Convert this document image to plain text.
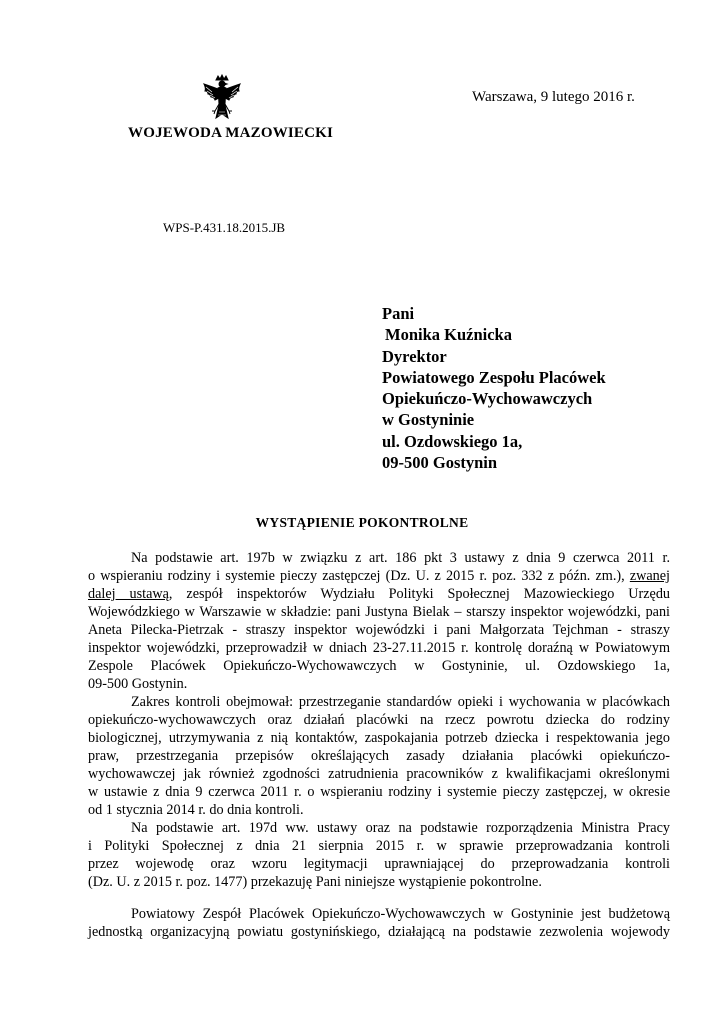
WOJEWODA MAZOWIECKI
Warszawa, 9 lutego 2016 r.
WPS-P.431.18.2015.JB
Pani
Monika Kuźnicka
Dyrektor
Powiatowego Zespołu Placówek
Opiekuńczo-Wychowawczych
w Gostyninie
ul. Ozdowskiego 1a,
09-500 Gostynin
WYSTĄPIENIE POKONTROLNE
Na podstawie art. 197b w związku z art. 186 pkt 3 ustawy z dnia 9 czerwca 2011 r.
o wspieraniu rodziny i systemie pieczy zastępczej (Dz. U. z 2015 r. poz. 332 z późn. zm.), zwanej
dalej ustawą, zespół inspektorów Wydziału Polityki Społecznej Mazowieckiego Urzędu
Wojewódzkiego w Warszawie w składzie: pani Justyna Bielak – starszy inspektor wojewódzki, pani
Aneta Pilecka-Pietrzak - straszy inspektor wojewódzki i pani Małgorzata Tejchman - straszy
inspektor wojewódzki, przeprowadził w dniach 23-27.11.2015 r. kontrolę doraźną w Powiatowym
Zespole Placówek Opiekuńczo-Wychowawczych w Gostyninie, ul. Ozdowskiego 1a,
09-500 Gostynin.
Zakres kontroli obejmował: przestrzeganie standardów opieki i wychowania w placówkach
opiekuńczo-wychowawczych oraz działań placówki na rzecz powrotu dziecka do rodziny
biologicznej, utrzymywania z nią kontaktów, zaspokajania potrzeb dziecka i respektowania jego
praw, przestrzegania przepisów określających zasady działania placówki opiekuńczo-
wychowawczej jak również zgodności zatrudnienia pracowników z kwalifikacjami określonymi
w ustawie z dnia 9 czerwca 2011 r. o wspieraniu rodziny i systemie pieczy zastępczej, w okresie
od 1 stycznia 2014 r. do dnia kontroli.
Na podstawie art. 197d ww. ustawy oraz na podstawie rozporządzenia Ministra Pracy
i Polityki Społecznej z dnia 21 sierpnia 2015 r. w sprawie przeprowadzania kontroli
przez wojewodę oraz wzoru legitymacji uprawniającej do przeprowadzania kontroli
(Dz. U. z 2015 r. poz. 1477) przekazuję Pani niniejsze wystąpienie pokontrolne.
Powiatowy Zespół Placówek Opiekuńczo-Wychowawczych w Gostyninie jest budżetową
jednostką organizacyjną powiatu gostynińskiego, działającą na podstawie zezwolenia wojewody
